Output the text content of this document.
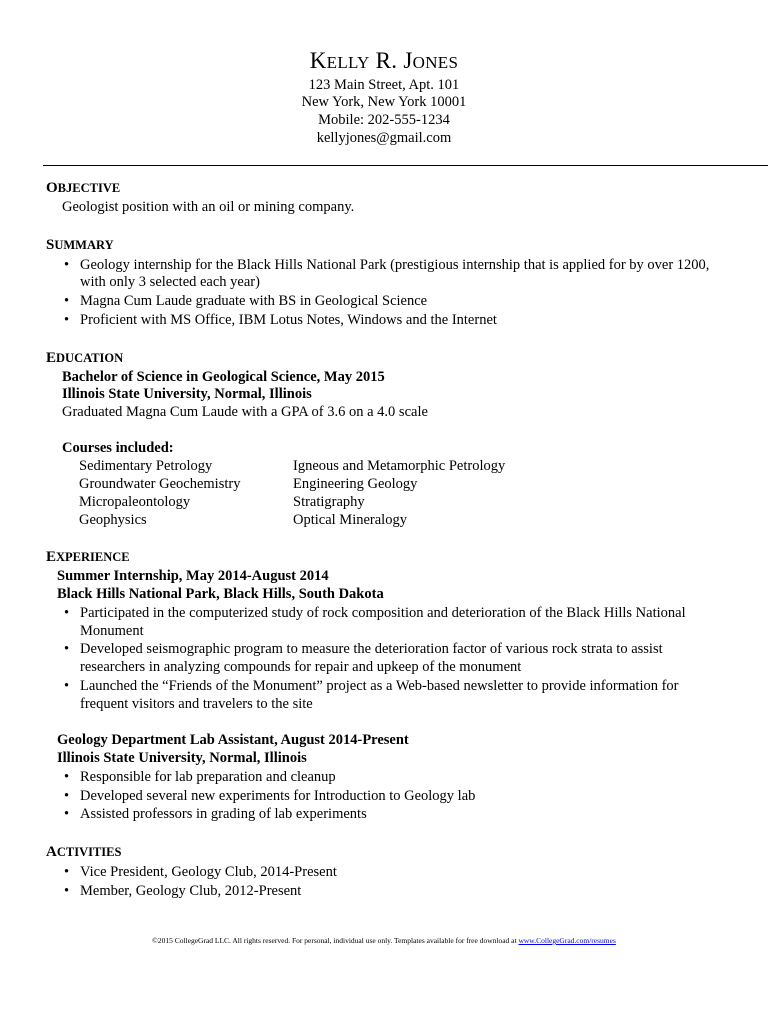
KELLY R. JONES
123 Main Street, Apt. 101
New York, New York 10001
Mobile: 202-555-1234
kellyjones@gmail.com
OBJECTIVE
Geologist position with an oil or mining company.
SUMMARY
• Geology internship for the Black Hills National Park (prestigious internship that is applied for by over 1200,
with only 3 selected each year)
• Magna Cum Laude graduate with BS in Geological Science
• Proficient with MS Office, IBM Lotus Notes, Windows and the Internet
EDUCATION
Bachelor of Science in Geological Science, May 2015
Illinois State University, Normal, Illinois
Graduated Magna Cum Laude with a GPA of 3.6 on a 4.0 scale
Courses included:
Sedimentary Petrology
Groundwater Geochemistry
Micropaleontology
Geophysics
Igneous and Metamorphic Petrology
Engineering Geology
Stratigraphy
Optical Mineralogy
EXPERIENCE
Summer Internship, May 2014-August 2014
Black Hills National Park, Black Hills, South Dakota
• Participated in the computerized study of rock composition and deterioration of the Black Hills National
Monument
• Developed seismographic program to measure the deterioration factor of various rock strata to assist
researchers in analyzing compounds for repair and upkeep of the monument
• Launched the “Friends of the Monument” project as a Web-based newsletter to provide information for
frequent visitors and travelers to the site
Geology Department Lab Assistant, August 2014-Present
Illinois State University, Normal, Illinois
• Responsible for lab preparation and cleanup
• Developed several new experiments for Introduction to Geology lab
• Assisted professors in grading of lab experiments
ACTIVITIES
• Vice President, Geology Club, 2014-Present
• Member, Geology Club, 2012-Present
©2015 CollegeGrad LLC. All rights reserved. For personal, individual use only. Templates available for free download at www.CollegeGrad.com/resumes
